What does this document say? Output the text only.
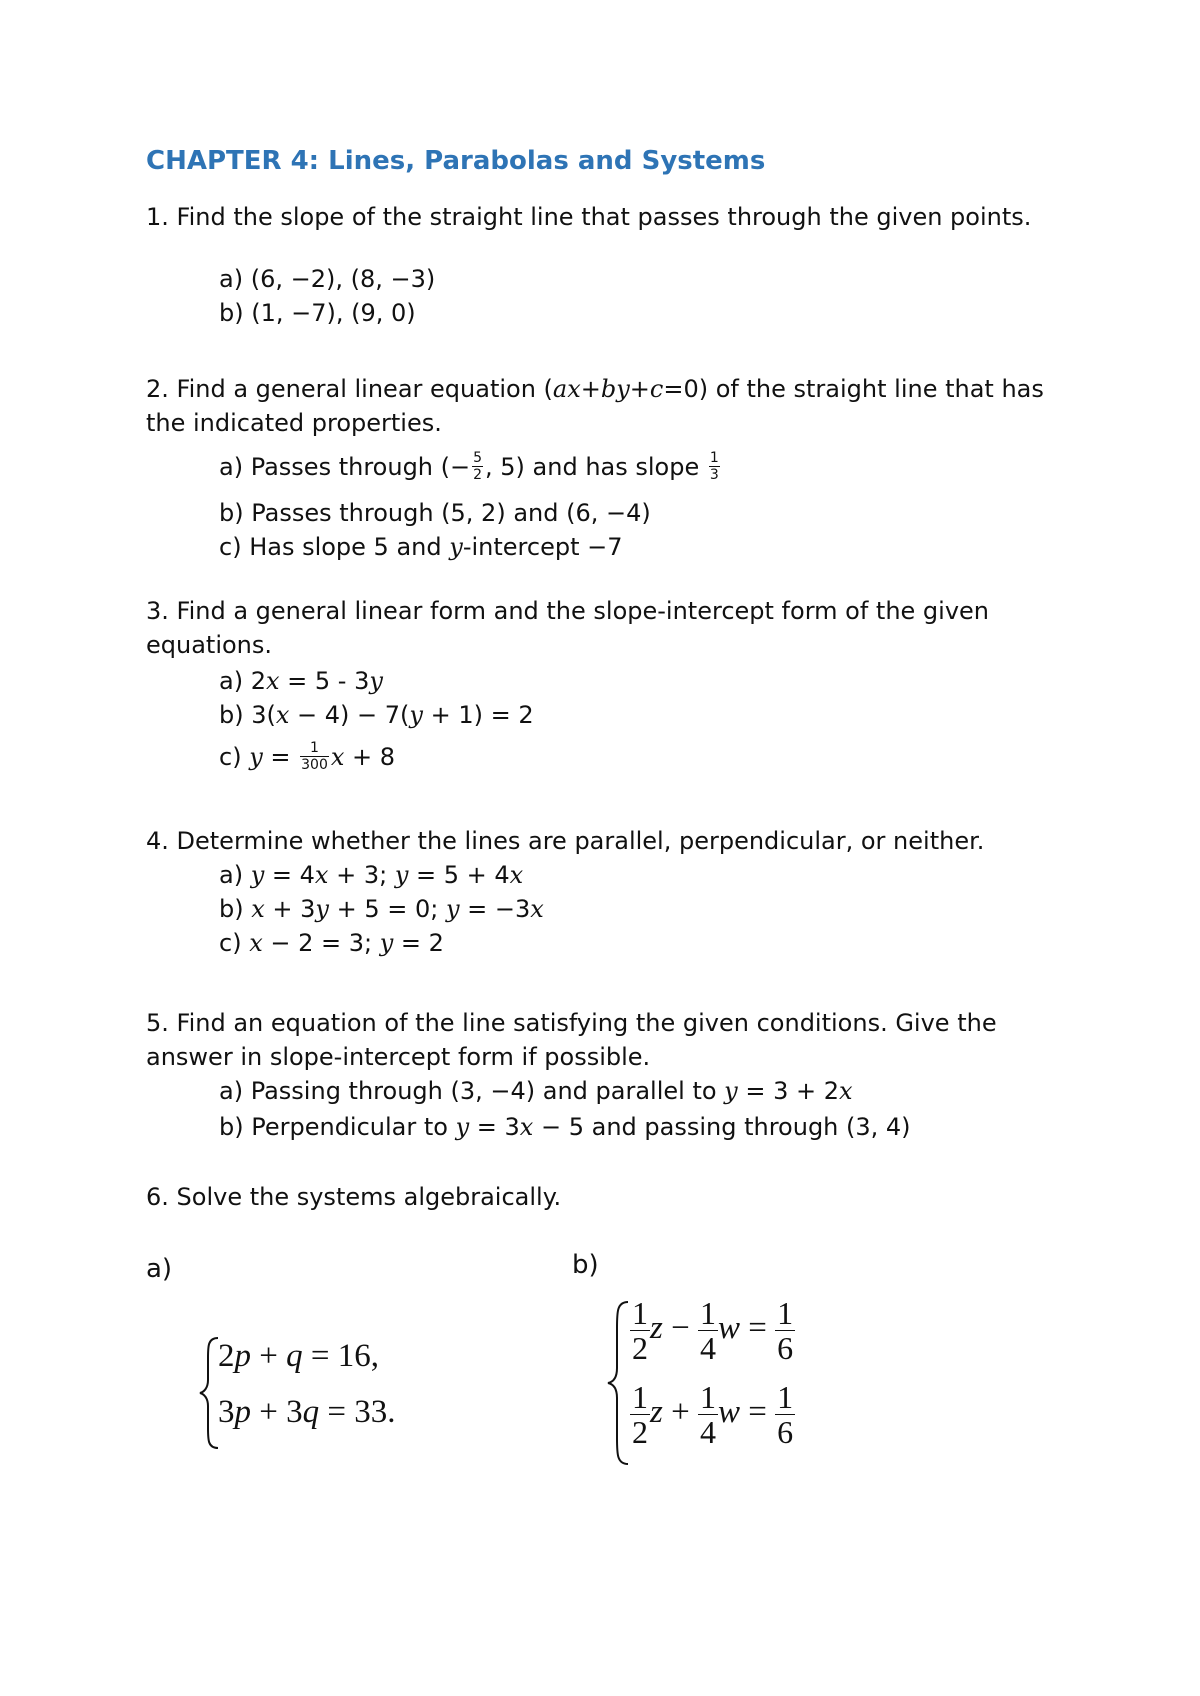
CHAPTER 4: Lines, Parabolas and Systems
1. Find the slope of the straight line that passes through the given points.
a) (6, −2), (8, −3)
b) (1, −7), (9, 0)
2. Find a general linear equation (ax+by+c=0) of the straight line that has the indicated properties.
a) Passes through (− $\frac{5}{2}$ , 5) and has slope $\frac{1}{3}$
b) Passes through (5, 2) and (6, −4)
c) Has slope 5 and y-intercept −7
3. Find a general linear form and the slope-intercept form of the given equations.
a) 2x = 5 - 3y
b) 3(x − 4) − 7(y + 1) = 2
c) $y = \frac{1}{300}$ x + 8
4. Determine whether the lines are parallel, perpendicular, or neither.
a) y = 4x + 3; y = 5 + 4x
b) x + 3y + 5 = 0; y = −3x
c) x − 2 = 3; y = 2
5. Find an equation of the line satisfying the given conditions. Give the answer in slope-intercept form if possible.
a) Passing through (3, −4) and parallel to y = 3 + 2x
b) Perpendicular to y = 3x − 5 and passing through (3, 4)
6. Solve the systems algebraically.
a)	b)
2p + q = 16,
3p + 3q = 33.
$\frac{1}{2}$ $z - \frac{1}{4}$ $w = \frac{1}{6}$
$\frac{1}{2}$ $z + \frac{1}{4}$ $w = \frac{1}{6}$
